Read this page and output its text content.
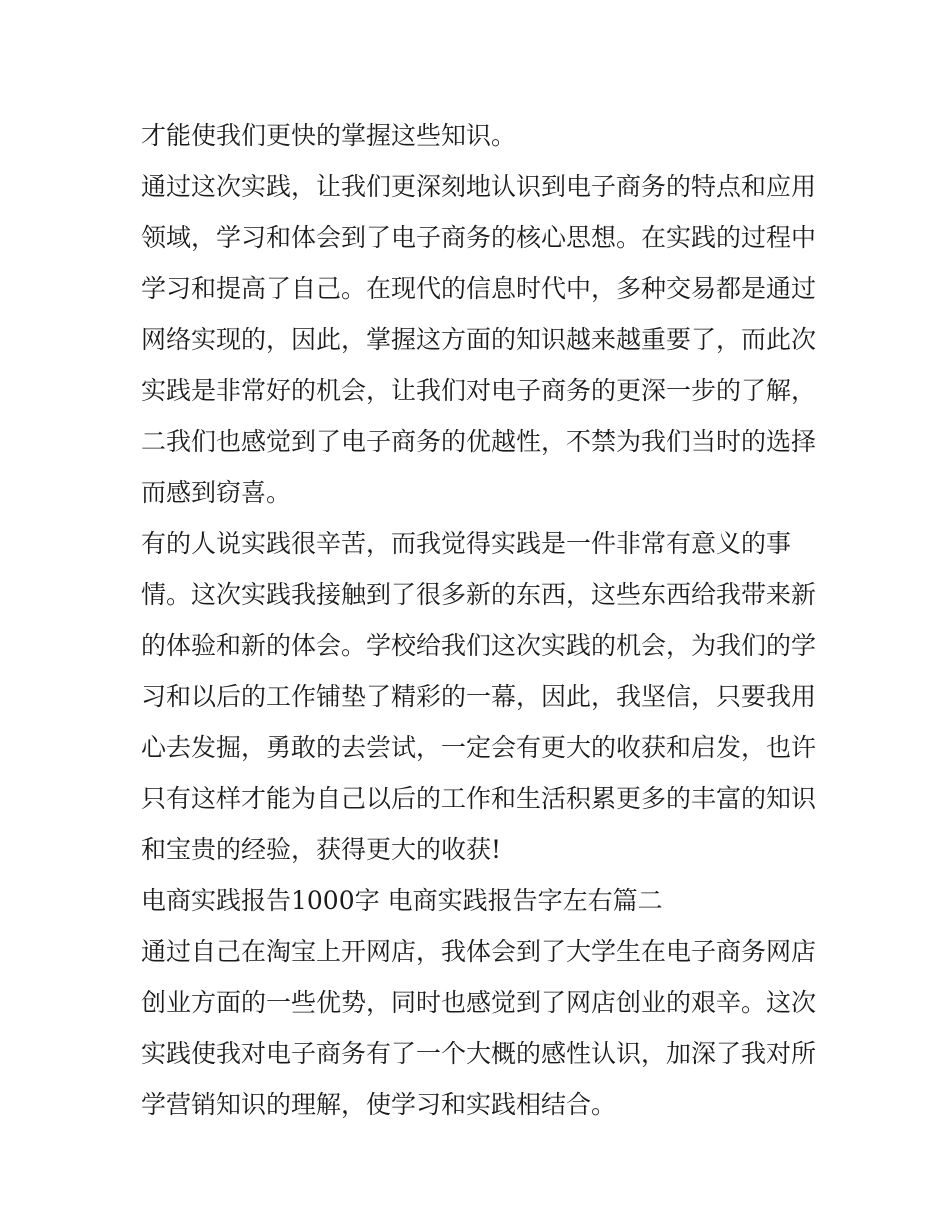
才能使我们更快的掌握这些知识。
通过这次实践，让我们更深刻地认识到电子商务的特点和应用
领域，学习和体会到了电子商务的核心思想。在实践的过程中
学习和提高了自己。在现代的信息时代中，多种交易都是通过
网络实现的，因此，掌握这方面的知识越来越重要了，而此次
实践是非常好的机会，让我们对电子商务的更深一步的了解，
二我们也感觉到了电子商务的优越性，不禁为我们当时的选择
而感到窃喜。
有的人说实践很辛苦，而我觉得实践是一件非常有意义的事
情。这次实践我接触到了很多新的东西，这些东西给我带来新
的体验和新的体会。学校给我们这次实践的机会，为我们的学
习和以后的工作铺垫了精彩的一幕，因此，我坚信，只要我用
心去发掘，勇敢的去尝试，一定会有更大的收获和启发，也许
只有这样才能为自己以后的工作和生活积累更多的丰富的知识
和宝贵的经验，获得更大的收获!
电商实践报告1000字 电商实践报告字左右篇二
通过自己在淘宝上开网店，我体会到了大学生在电子商务网店
创业方面的一些优势，同时也感觉到了网店创业的艰辛。这次
实践使我对电子商务有了一个大概的感性认识，加深了我对所
学营销知识的理解，使学习和实践相结合。
